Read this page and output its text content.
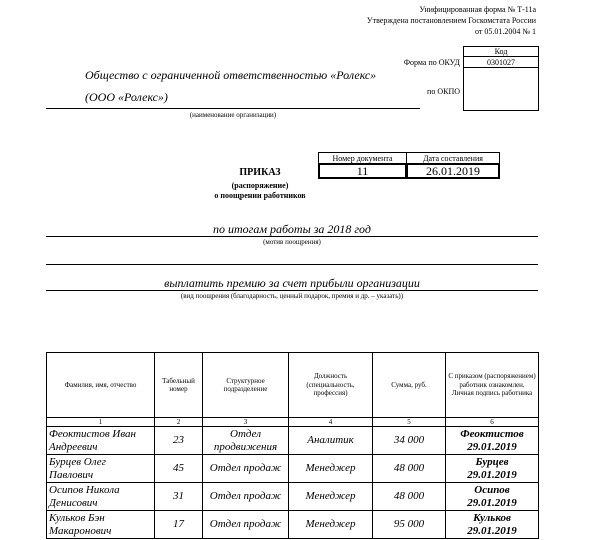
Унифицированная форма № Т-11а
Утверждена постановлением Госкомстата России
от 05.01.2004 № 1
Код
Форма по ОКУД	0301027
по ОКПО
Общество с ограниченной ответственностью «Ролекс»
(ООО «Ролекс»)
(наименование организации)
Номер документа	Дата составления
11	26.01.2019
ПРИКАЗ
(распоряжение)
о поощрении работников
по итогам работы за 2018 год
(мотив поощрения)
выплатить премию за счет прибыли организации
(вид поощрения (благодарность, ценный подарок, премия и др. – указать))
Фамилия, имя, отчество	Табельный номер	Структурное подразделение	Должность (специальность, профессия)	Сумма, руб.	С приказом (распоряжением) работник ознакомлен. Личная подпись работника
1	2	3	4	5	6
Феоктистов Иван Андреевич	23	Отдел продвижения	Аналитик	34 000	Феоктистов
29.01.2019

Бурцев Олег Павлович	45	Отдел продаж	Менеджер	48 000	Бурцев
29.01.2019

Осипов Никола Денисович	31	Отдел продаж	Менеджер	48 000	Осипов
29.01.2019

Кульков Бэн Макаронович	17	Отдел продаж	Менеджер	95 000	Кульков
29.01.2019
